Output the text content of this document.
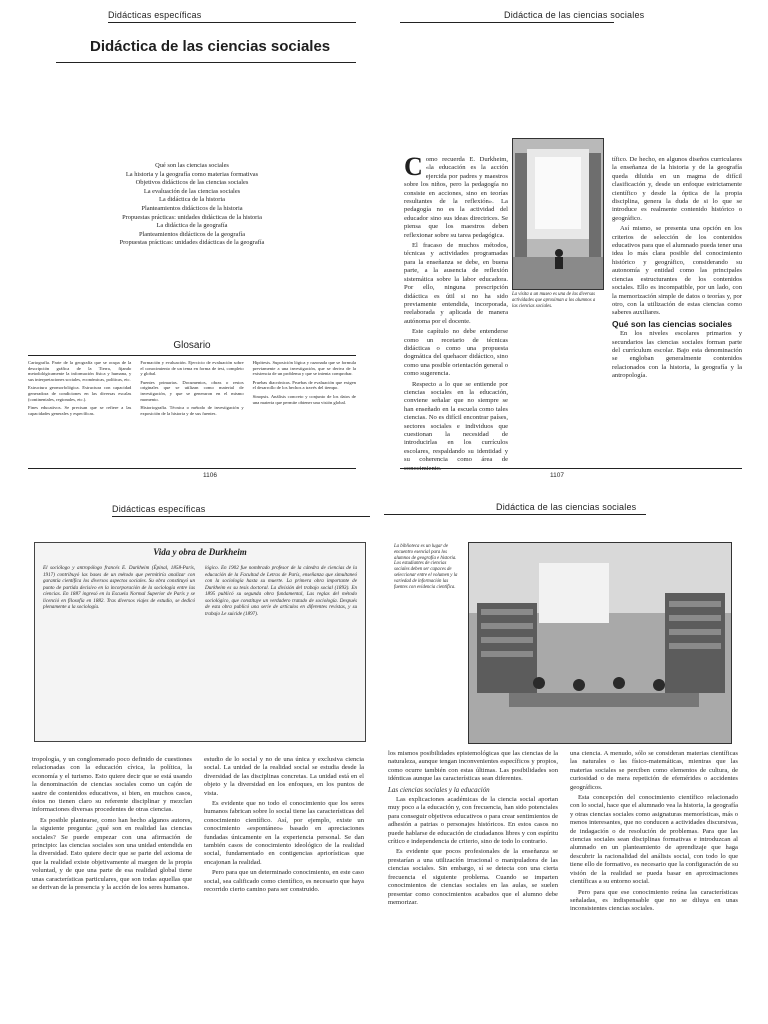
Didácticas específicas
Didáctica de las ciencias sociales
Qué son las ciencias sociales
La historia y la geografía como materias formativas
Objetivos didácticos de las ciencias sociales
La evaluación de las ciencias sociales
La didáctica de la historia
Planteamientos didácticos de la historia
Propuestas prácticas: unidades didácticas de la historia
La didáctica de la geografía
Planteamientos didácticos de la geografía
Propuestas prácticas: unidades didácticas de la geografía
Glosario

Cartografía. Parte de la geografía que se ocupa de la descripción gráfica de la Tierra, fijando metodológicamente la información física y humana, y sus interpretaciones sociales, económicas, políticas, etc.

Estructura geomorfológica. Estructura con capacidad generadora de condiciones en las diversas escalas (continentales, regionales, etc.).

Fines educativos. Se precisan que se refiere a las capacidades generales y específicas.

Formación y evaluación. Ejercicio de evaluación sobre el conocimiento de un tema en forma de test, completo y global.

Fuentes primarias. Documentos, obras o restos originales que se utilizan como material de investigación, y que se generaron en el mismo momento.

Historiografía. Técnica o método de investigación y exposición de la historia y de sus fuentes.

Hipótesis. Suposición lógica y razonada que se formula previamente a una investigación, que se deriva de la existencia de un problema y que se intenta comprobar.

Pruebas diacrónicas. Pruebas de evaluación que exigen el desarrollo de los hechos a través del tiempo.

Sinopsis. Análisis concreto y conjunto de los datos de una materia que permite obtener una visión global.

1106
Didáctica de las ciencias sociales

Como recuerda E. Durkheim, «la educación es la acción ejercida por padres y maestros sobre los niños, pero la pedagogía no consiste en acciones, sino en teorías resultantes de la reflexión». La pedagogía no es la actividad del educador sino sus ideas directrices. Se piensa que los maestros deben reflexionar sobre su tarea pedagógica.

El fracaso de muchos métodos, técnicas y actividades programadas para la enseñanza se debe, en buena parte, a la ausencia de reflexión sistemática sobre la labor educadora. Por ello, ninguna prescripción didáctica es útil si no ha sido previamente entendida, incorporada, reelaborada y aplicada de manera autónoma por el docente.

Este capítulo no debe entenderse como un recetario de técnicas didácticas o como una propuesta dogmática del quehacer didáctico, sino como una posible orientación general o como sugerencia.

Respecto a lo que se entiende por ciencias sociales en la educación, conviene señalar que no siempre se han enseñado en la escuela como tales ciencias. No es difícil encontrar países, sectores sociales e individuos que cuestionan la necesidad de introducirlas en los currículos escolares, respaldando su identidad y su coherencia como área de conocimiento.

La visita a un museo es una de las diversas actividades que aproximan a los alumnos a las ciencias sociales.

tífico. De hecho, en algunos diseños curriculares la enseñanza de la historia y de la geografía queda diluida en un magma de difícil clasificación y, desde un enfoque estrictamente científico y desde la óptica de la propia disciplina, genera la duda de si lo que se introduce es realmente contenido histórico o geográfico.

Así mismo, se presenta una opción en los criterios de selección de los contenidos educativos para que el alumnado pueda tener una idea lo más clara posible del conocimiento histórico y geográfico, considerando su autonomía y entidad como las principales ciencias estructurantes de los contenidos sociales. Ello es incompatible, por un lado, con la memorización simple de datos o teorías y, por otro, con la utilización de estas ciencias como saberes auxiliares.

Qué son las ciencias sociales

En los niveles escolares primarios y secundarios las ciencias sociales forman parte del currículum escolar. Bajo esta denominación se engloban generalmente contenidos relacionados con la historia, la geografía y la antropología.

1107
Didácticas específicas
Vida y obra de Durkheim
El sociólogo y antropólogo francés E. Durkheim (Épinal, 1858-París, 1917) contribuyó las bases de un método que permitiría analizar con garantía científica los diversos aspectos sociales. Su obra constituyó un punto de partida decisivo en la incorporación de la sociología entre las ciencias. En 1887 ingresó en la Escuela Normal Superior de París y se licenció en filosofía en 1882. Tras diversos viajes de estudio, se dedicó plenamente a la sociología.
lógico. En 1902 fue nombrado profesor de la cátedra de ciencias de la educación de la Facultad de Letras de París, enseñanza que simultaneó con la sociología hasta su muerte. La primera obra importante de Durkheim es su tesis doctoral. La división del trabajo social (1893). En 1895 publicó su segunda obra fundamental, Las reglas del método sociológico, que constituye un verdadero tratado de sociología. Después de esta obra publicó una serie de artículos en diferentes revistas, y su trabajo Le suicide (1897).

tropología, y un conglomerado poco definido de cuestiones relacionadas con la educación cívica, la política, la economía y el turismo. Esto quiere decir que se está usando la denominación de ciencias sociales como un cajón de sastre de contenidos educativos, si bien, en muchos casos, éstos no tienen claro su referente disciplinar y mezclan informaciones diversas procedentes de otras ciencias.

Es posible plantearse, como han hecho algunos autores, la siguiente pregunta: ¿qué son en realidad las ciencias sociales? Se puede empezar con una afirmación de principio: las ciencias sociales son una unidad entendida en la diversidad. Esto quiere decir que se parte del axioma de que la realidad existe objetivamente al margen de la propia voluntad, y de que una parte de esa realidad global tiene unas características particulares, que son todas aquellas que se derivan de la presencia y la acción de los seres humanos.

estudio de lo social y no de una única y exclusiva ciencia social. La unidad de la realidad social se estudia desde la diversidad de las disciplinas concretas. La unidad está en el objeto y la diversidad en los enfoques, en los puntos de vista.

Es evidente que no todo el conocimiento que los seres humanos fabrican sobre lo social tiene las características del conocimiento científico. Así, por ejemplo, existe un conocimiento «espontáneo» basado en apreciaciones fundadas únicamente en la experiencia personal. Se dan también casos de conocimiento ideológico de la realidad social, fundamentado en contigencias apriorísticas que encajonan la realidad.

Pero para que un determinado conocimiento, en este caso social, sea calificado como científico, es necesario que haya recorrido cierto camino para ser construido.

Didáctica de las ciencias sociales
La biblioteca es un lugar de encuentro esencial para los alumnos de geografía e historia. Los estudiantes de ciencias sociales deben ser capaces de seleccionar entre el volumen y la variedad de información las fuentes con evidencia científica.

los mismos posibilidades epistemológicas que las ciencias de la naturaleza, aunque tengan inconvenientes específicos y propios, como ocurre también con estas últimas. Las posibilidades son idénticas aunque las características sean diferentes.

Las ciencias sociales y la educación

Las explicaciones académicas de la ciencia social aportan muy poco a la educación y, con frecuencia, han sido potenciales para conseguir objetivos educativos o para crear sentimientos de adhesión a patrias o personajes históricos. En estos casos no puede hablarse de educación de ciudadanos libres y con espíritu crítico e independencia de criterio, sino de todo lo contrario.

Es evidente que pocos profesionales de la enseñanza se prestarían a una utilización irracional o manipuladora de las ciencias sociales. Sin embargo, sí se detecta con una cierta frecuencia el siguiente problema. Cuando se imparten conocimientos de ciencias sociales en las aulas, se suelen presentar como conocimientos acabados que el alumno debe memorizar.

una ciencia. A menudo, sólo se consideran materias científicas las naturales o las físico-matemáticas, mientras que las materias sociales se perciben como elementos de cultura, de curiosidad o de mera repetición de efemérides o accidentes geográficos.

Esta concepción del conocimiento científico relacionado con lo social, hace que el alumnado vea la historia, la geografía y otras ciencias sociales como asignaturas memorísticas, más o menos interesantes, que no conducen a actividades discursivas, de indagación o de resolución de problemas. Para que las ciencias sociales sean disciplinas formativas e introduzcan al alumnado en un planteamiento de aprendizaje que haga descubrir la racionalidad del análisis social, con todo lo que tiene ello de formativo, es necesario que la configuración de su visión de la realidad se pueda basar en aproximaciones científicas a su entorno social.

Pero para que ese conocimiento reúna las características señaladas, es indispensable que no se diluya en unas inconsistentes ciencias sociales.
